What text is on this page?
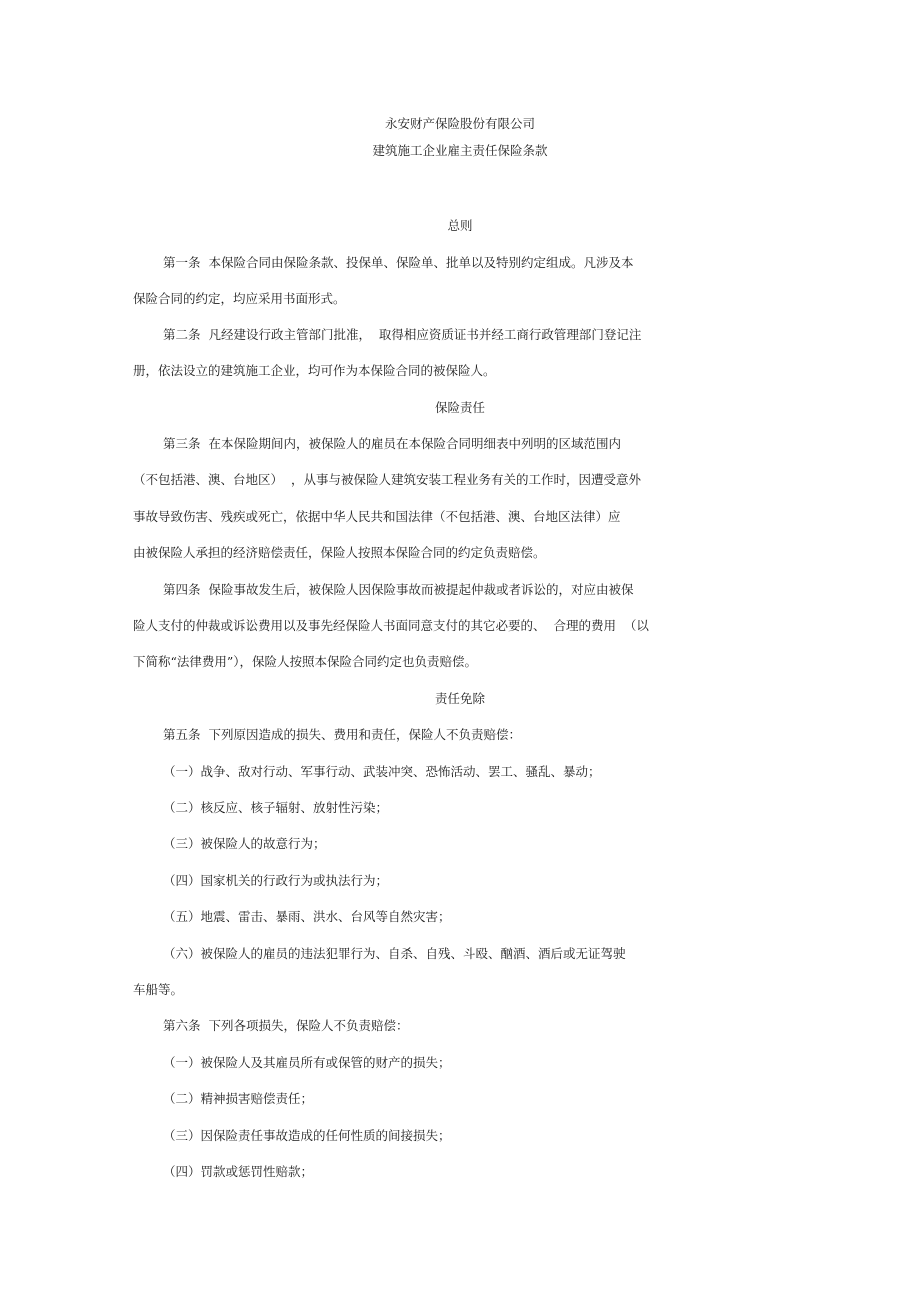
永安财产保险股份有限公司
建筑施工企业雇主责任保险条款
总则
第一条  本保险合同由保险条款、投保单、保险单、批单以及特别约定组成。凡涉及本
保险合同的约定，均应采用书面形式。
第二条  凡经建设行政主管部门批准，  取得相应资质证书并经工商行政管理部门登记注
册，依法设立的建筑施工企业，均可作为本保险合同的被保险人。
保险责任
第三条  在本保险期间内，被保险人的雇员在本保险合同明细表中列明的区域范围内
（不包括港、澳、台地区）  ，从事与被保险人建筑安装工程业务有关的工作时，因遭受意外
事故导致伤害、残疾或死亡，依据中华人民共和国法律（不包括港、澳、台地区法律）应
由被保险人承担的经济赔偿责任，保险人按照本保险合同的约定负责赔偿。
第四条  保险事故发生后，被保险人因保险事故而被提起仲裁或者诉讼的，对应由被保
险人支付的仲裁或诉讼费用以及事先经保险人书面同意支付的其它必要的、  合理的费用  （以
下简称“法律费用”），保险人按照本保险合同约定也负责赔偿。
责任免除
第五条  下列原因造成的损失、费用和责任，保险人不负责赔偿：
（一）战争、敌对行动、军事行动、武装冲突、恐怖活动、罢工、骚乱、暴动；
（二）核反应、核子辐射、放射性污染；
（三）被保险人的故意行为；
（四）国家机关的行政行为或执法行为；
（五）地震、雷击、暴雨、洪水、台风等自然灾害；
（六）被保险人的雇员的违法犯罪行为、自杀、自残、斗殴、酗酒、酒后或无证驾驶
车船等。
第六条  下列各项损失，保险人不负责赔偿：
（一）被保险人及其雇员所有或保管的财产的损失；
（二）精神损害赔偿责任；
（三）因保险责任事故造成的任何性质的间接损失；
（四）罚款或惩罚性赔款；
